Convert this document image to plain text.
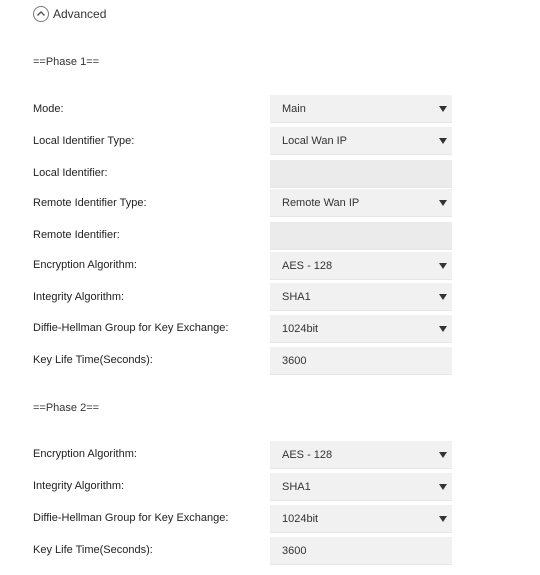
Advanced
==Phase 1==
Mode:	Main
Local Identifier Type:	Local Wan IP
Local Identifier:
Remote Identifier Type:	Remote Wan IP
Remote Identifier:
Encryption Algorithm:	AES - 128
Integrity Algorithm:	SHA1
Diffie-Hellman Group for Key Exchange:	1024bit
Key Life Time(Seconds):	3600
==Phase 2==
Encryption Algorithm:	AES - 128
Integrity Algorithm:	SHA1
Diffie-Hellman Group for Key Exchange:	1024bit
Key Life Time(Seconds):	3600
